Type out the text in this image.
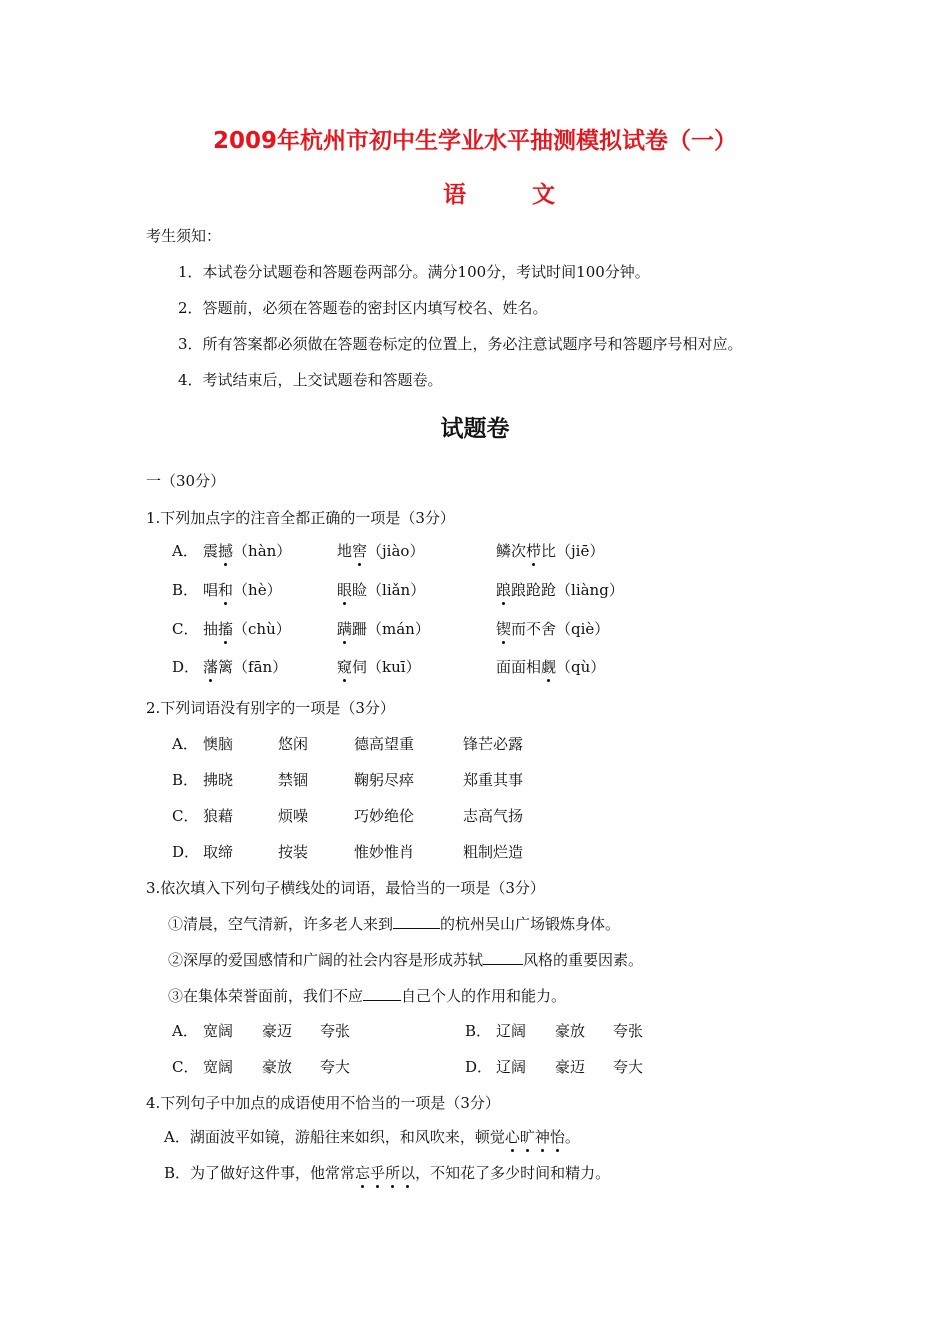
2009年杭州市初中生学业水平抽测模拟试卷（一）
语	文
考生须知：
1．本试卷分试题卷和答题卷两部分。满分100分，考试时间100分钟。
2．答题前，必须在答题卷的密封区内填写校名、姓名。
3．所有答案都必须做在答题卷标定的位置上，务必注意试题序号和答题序号相对应。
4．考试结束后，上交试题卷和答题卷。
试题卷
一（30分）
1.下列加点字的注音全都正确的一项是（3分）
A． 震撼（hàn）	地窖（jiào）	鳞次栉比（jiē）
B． 唱和（hè）	眼睑（liǎn）	踉踉跄跄（liàng）
C． 抽搐（chù）	蹒跚（mán）	锲而不舍（qiè）
D． 藩篱（fān）	窥伺（kuī）	面面相觑（qù）
2.下列词语没有别字的一项是（3分）
A． 懊脑	悠闲	德高望重	锋芒必露
B． 拂晓	禁锢	鞠躬尽瘁	郑重其事
C． 狼藉	烦噪	巧妙绝伦	志高气扬
D． 取缔	按装	惟妙惟肖	粗制烂造
3.依次填入下列句子横线处的词语，最恰当的一项是（3分）
①清晨，空气清新，许多老人来到	的杭州吴山广场锻炼身体。
②深厚的爱国感情和广阔的社会内容是形成苏轼	风格的重要因素。
③在集体荣誉面前，我们不应	自己个人的作用和能力。
A． 宽阔 豪迈 夸张	B． 辽阔 豪放 夸张
C． 宽阔 豪放 夸大	D． 辽阔 豪迈 夸大
4.下列句子中加点的成语使用不恰当的一项是（3分）
A．湖面波平如镜，游船往来如织，和风吹来，顿觉心旷神怡。
B．为了做好这件事，他常常忘乎所以，不知花了多少时间和精力。
